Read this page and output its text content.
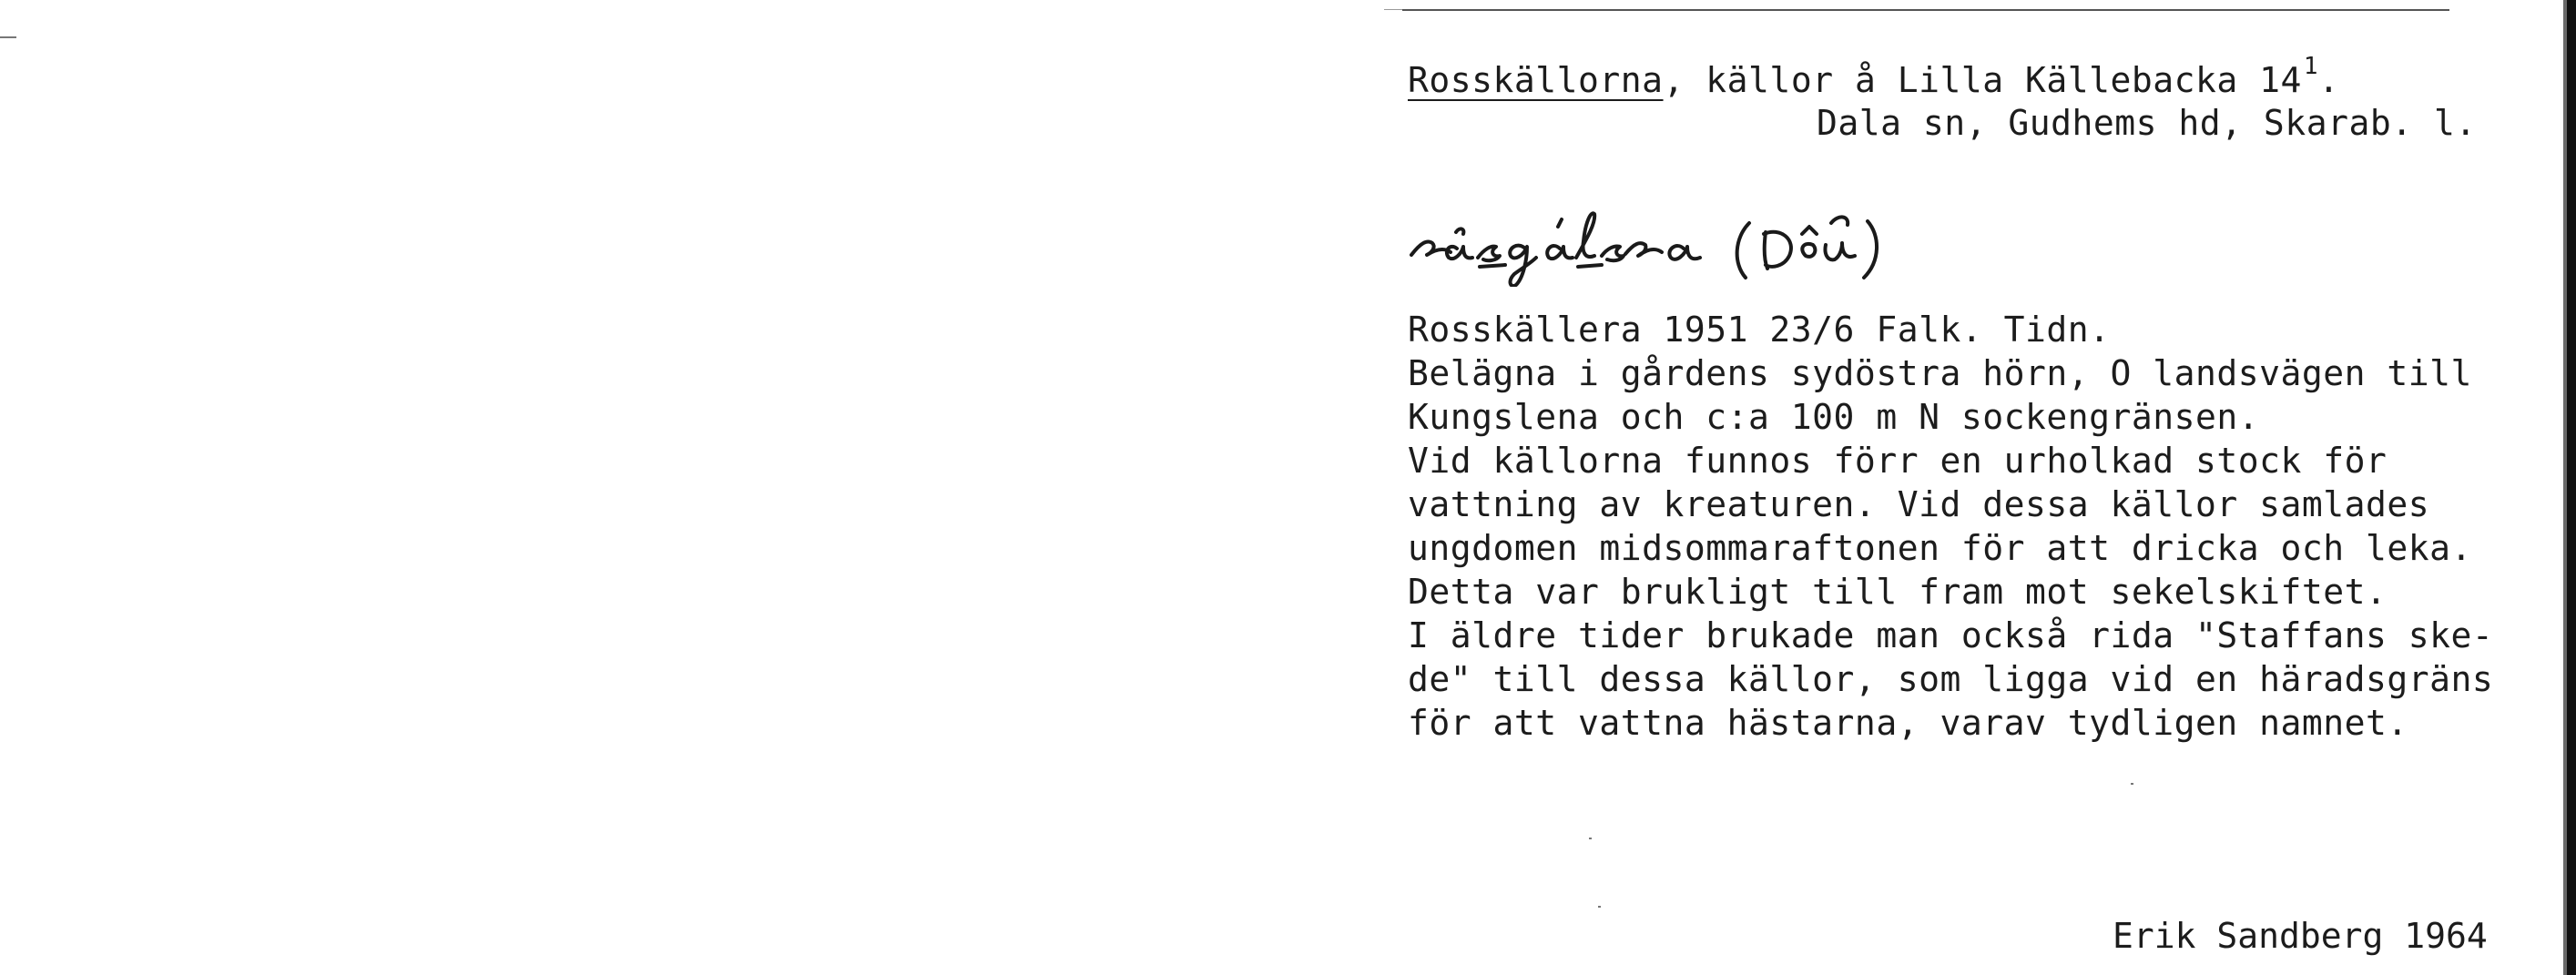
Rosskällorna, källor å Lilla Källebacka $14^1$.
Dala sn, Gudhems hd, Skarab. l.
Rosskällera 1951 23/6 Falk. Tidn.
Belägna i gårdens sydöstra hörn, O landsvägen till
Kungslena och c:a 100 m N sockengränsen.
Vid källorna funnos förr en urholkad stock för
vattning av kreaturen. Vid dessa källor samlades
ungdomen midsommaraftonen för att dricka och leka.
Detta var brukligt till fram mot sekelskiftet.
I äldre tider brukade man också rida "Staffans ske-
de" till dessa källor, som ligga vid en häradsgräns
för att vattna hästarna, varav tydligen namnet.
Erik Sandberg 1964
